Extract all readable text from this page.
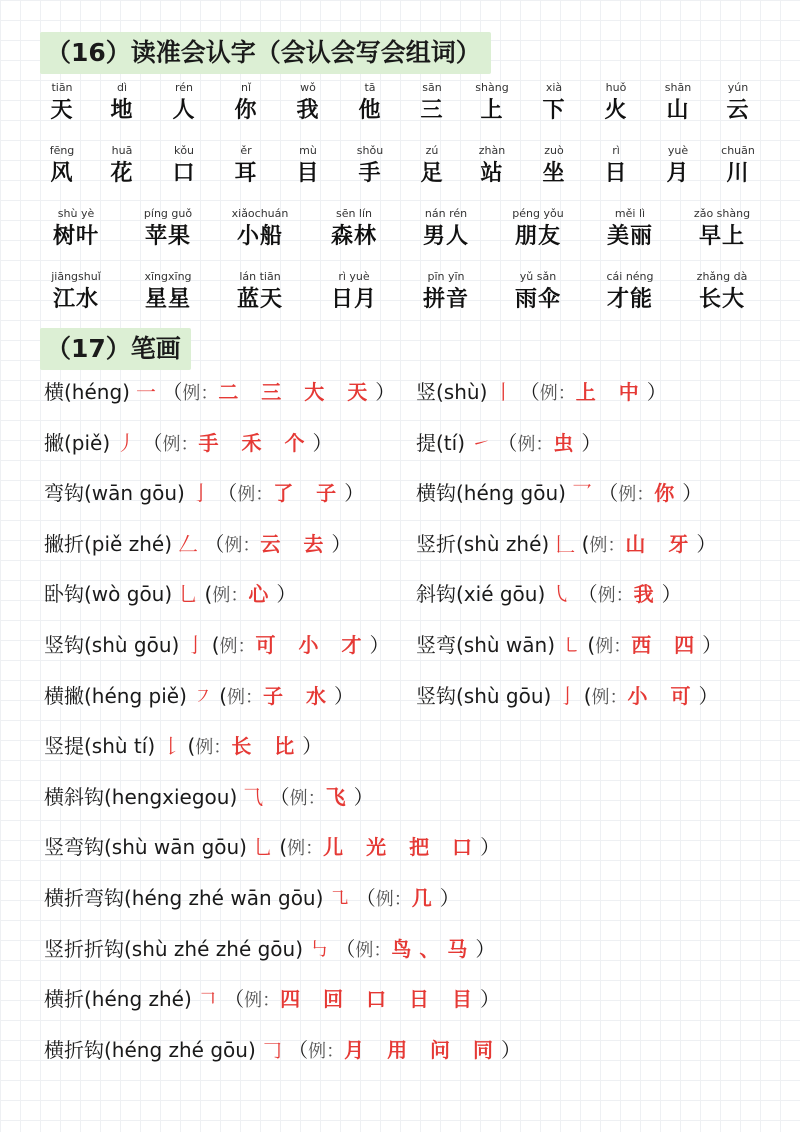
（16）读准会认字（会认会写会组词）
tiān
天
dì
地
rén
人
nǐ
你
wǒ
我
tā
他
sān
三
shàng
上
xià
下
huǒ
火
shān
山
yún
云
fēng
风
huā
花
kǒu
口
ěr
耳
mù
目
shǒu
手
zú
足
zhàn
站
zuò
坐
rì
日
yuè
月
chuān
川
shù yè
树叶
píng guǒ
苹果
xiǎochuán
小船
sēn lín
森林
nán rén
男人
péng yǒu
朋友
měi lì
美丽
zǎo shàng
早上
jiāngshuǐ
江水
xīngxīng
星星
lán tiān
蓝天
rì yuè
日月
pīn yīn
拼音
yǔ sǎn
雨伞
cái néng
才能
zhǎng dà
长大
（17）笔画
横(héng) 一 （例：二 三 大 天）
撇(piě) 丿 （例：手 禾 个）
弯钩(wān gōu) 亅 （例：了 子）
撇折(piě zhé) 𠃋 （例：云 去）
卧钩(wò gōu) 乚 (例：心）
竖钩(shù gōu) 亅 (例：可 小 才）
横撇(héng piě) ㇇ (例：子 水）
竖提(shù tí) 𠄌 (例：长 比）
横斜钩(hengxiegou) ⺄ （例：飞）
竖弯钩(shù wān gōu) 乚 (例：儿 光 把 口）
横折弯钩(héng zhé wān gōu) ㇈ （例：几）
竖折折钩(shù zhé zhé gōu) ㇉ （例：鸟、马）
横折(héng zhé) 𠃍 （例：四 回 口 日 目）
横折钩(héng zhé gōu) 𠃌 （例：月 用 问 同）
竖(shù) 丨 （例：上 中）
提(tí) ㇀ （例：虫）
横钩(héng gōu) 乛 （例：你）
竖折(shù zhé) 𠃊 (例：山 牙）
斜钩(xié gōu) ㇂ （例：我）
竖弯(shù wān) ㇄ (例：西 四）
竖钩(shù gōu) 亅 (例：小 可）
